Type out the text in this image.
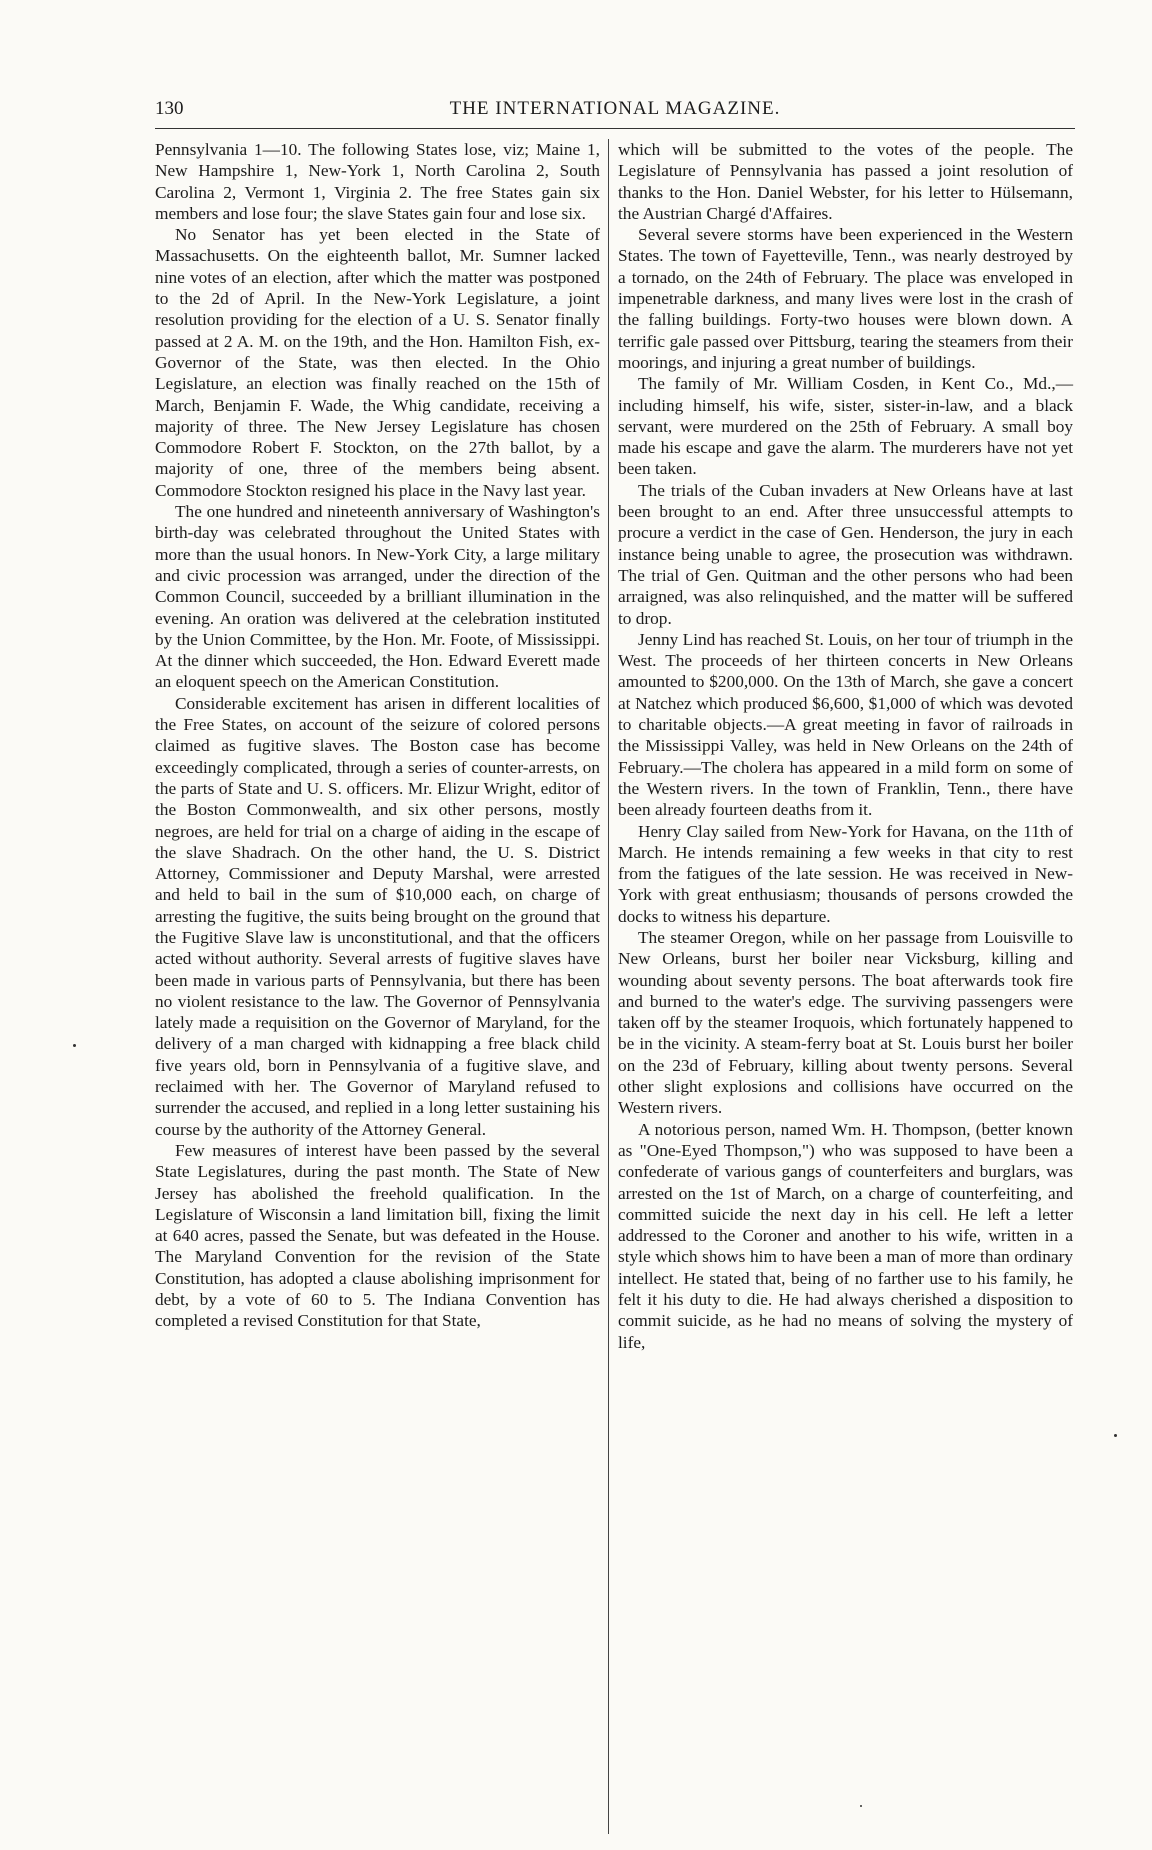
130	THE INTERNATIONAL MAGAZINE.

Pennsylvania 1—10. The following States lose, viz; Maine 1, New Hampshire 1, New-York 1, North Carolina 2, South Carolina 2, Vermont 1, Virginia 2. The free States gain six members and lose four; the slave States gain four and lose six.

No Senator has yet been elected in the State of Massachusetts. On the eighteenth ballot, Mr. Sumner lacked nine votes of an election, after which the matter was postponed to the 2d of April. In the New-York Legislature, a joint resolution providing for the election of a U. S. Senator finally passed at 2 A. M. on the 19th, and the Hon. Hamilton Fish, ex-Governor of the State, was then elected. In the Ohio Legislature, an election was finally reached on the 15th of March, Benjamin F. Wade, the Whig candidate, receiving a majority of three. The New Jersey Legislature has chosen Commodore Robert F. Stockton, on the 27th ballot, by a majority of one, three of the members being absent. Commodore Stockton resigned his place in the Navy last year.

The one hundred and nineteenth anniversary of Washington's birth-day was celebrated throughout the United States with more than the usual honors. In New-York City, a large military and civic procession was arranged, under the direction of the Common Council, succeeded by a brilliant illumination in the evening. An oration was delivered at the celebration instituted by the Union Committee, by the Hon. Mr. Foote, of Mississippi. At the dinner which succeeded, the Hon. Edward Everett made an eloquent speech on the American Constitution.

Considerable excitement has arisen in different localities of the Free States, on account of the seizure of colored persons claimed as fugitive slaves. The Boston case has become exceedingly complicated, through a series of counter-arrests, on the parts of State and U. S. officers. Mr. Elizur Wright, editor of the Boston Commonwealth, and six other persons, mostly negroes, are held for trial on a charge of aiding in the escape of the slave Shadrach. On the other hand, the U. S. District Attorney, Commissioner and Deputy Marshal, were arrested and held to bail in the sum of $10,000 each, on charge of arresting the fugitive, the suits being brought on the ground that the Fugitive Slave law is unconstitutional, and that the officers acted without authority. Several arrests of fugitive slaves have been made in various parts of Pennsylvania, but there has been no violent resistance to the law. The Governor of Pennsylvania lately made a requisition on the Governor of Maryland, for the delivery of a man charged with kidnapping a free black child five years old, born in Pennsylvania of a fugitive slave, and reclaimed with her. The Governor of Maryland refused to surrender the accused, and replied in a long letter sustaining his course by the authority of the Attorney General.

Few measures of interest have been passed by the several State Legislatures, during the past month. The State of New Jersey has abolished the freehold qualification. In the Legislature of Wisconsin a land limitation bill, fixing the limit at 640 acres, passed the Senate, but was defeated in the House. The Maryland Convention for the revision of the State Constitution, has adopted a clause abolishing imprisonment for debt, by a vote of 60 to 5. The Indiana Convention has completed a revised Constitution for that State,

which will be submitted to the votes of the people. The Legislature of Pennsylvania has passed a joint resolution of thanks to the Hon. Daniel Webster, for his letter to Hülsemann, the Austrian Chargé d'Affaires.

Several severe storms have been experienced in the Western States. The town of Fayetteville, Tenn., was nearly destroyed by a tornado, on the 24th of February. The place was enveloped in impenetrable darkness, and many lives were lost in the crash of the falling buildings. Forty-two houses were blown down. A terrific gale passed over Pittsburg, tearing the steamers from their moorings, and injuring a great number of buildings.

The family of Mr. William Cosden, in Kent Co., Md.,—including himself, his wife, sister, sister-in-law, and a black servant, were murdered on the 25th of February. A small boy made his escape and gave the alarm. The murderers have not yet been taken.

The trials of the Cuban invaders at New Orleans have at last been brought to an end. After three unsuccessful attempts to procure a verdict in the case of Gen. Henderson, the jury in each instance being unable to agree, the prosecution was withdrawn. The trial of Gen. Quitman and the other persons who had been arraigned, was also relinquished, and the matter will be suffered to drop.

Jenny Lind has reached St. Louis, on her tour of triumph in the West. The proceeds of her thirteen concerts in New Orleans amounted to $200,000. On the 13th of March, she gave a concert at Natchez which produced $6,600, $1,000 of which was devoted to charitable objects.—A great meeting in favor of railroads in the Mississippi Valley, was held in New Orleans on the 24th of February.—The cholera has appeared in a mild form on some of the Western rivers. In the town of Franklin, Tenn., there have been already fourteen deaths from it.

Henry Clay sailed from New-York for Havana, on the 11th of March. He intends remaining a few weeks in that city to rest from the fatigues of the late session. He was received in New-York with great enthusiasm; thousands of persons crowded the docks to witness his departure.

The steamer Oregon, while on her passage from Louisville to New Orleans, burst her boiler near Vicksburg, killing and wounding about seventy persons. The boat afterwards took fire and burned to the water's edge. The surviving passengers were taken off by the steamer Iroquois, which fortunately happened to be in the vicinity. A steam-ferry boat at St. Louis burst her boiler on the 23d of February, killing about twenty persons. Several other slight explosions and collisions have occurred on the Western rivers.

A notorious person, named Wm. H. Thompson, (better known as "One-Eyed Thompson,") who was supposed to have been a confederate of various gangs of counterfeiters and burglars, was arrested on the 1st of March, on a charge of counterfeiting, and committed suicide the next day in his cell. He left a letter addressed to the Coroner and another to his wife, written in a style which shows him to have been a man of more than ordinary intellect. He stated that, being of no farther use to his family, he felt it his duty to die. He had always cherished a disposition to commit suicide, as he had no means of solving the mystery of life,
